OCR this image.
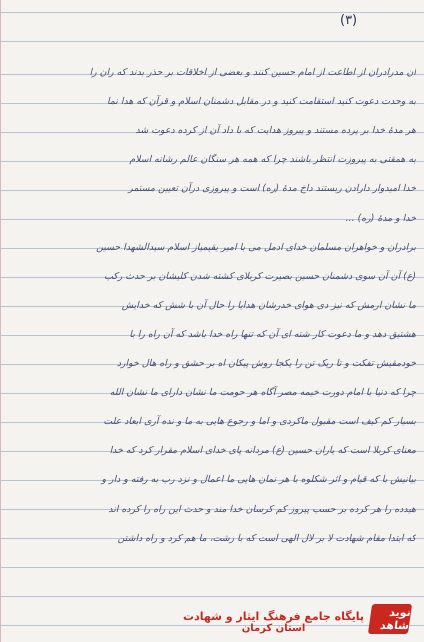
(۳)
ان مدرادران از اطاعت از امام حسین کنند و بعضی از اخلاقات بر حذر بدند که ران را
به وحدت دعوت کنید استقامت کنید و در مقابل دشمنان اسلام و قرآن که هدا نما
هر مدهٔ خدا بر پرده مستند و پیروز هدایت که با داد آن از کرده دعوت شد
به همقتی به پیروزت انتظر باشند چرا که همه هر سنگان عالم رشانه اسلام
خدا امیدوار دارادن ربستند داخ مدهٔ (ره) است و پیروزی درآن تعیین مستمر
خدا و مدهٔ (ره) ...
برادران و خواهران مسلمان خدای ادمل می با امیر یقیمیاز اسلام سیدالشهدا حسین
(ع) آن آن سوی دشمنان حسین بصیرت کربلای کشته شدن کلیشان بر حدث رکب
ما نشان ارمش که نیز دی هوای خدرشان هدایا را حال آن با شش که خدایش
هشتیق دهد و ما دعوت کار شته ای آن که تنها راه خدا باشد که آن راه را با
خودمقیش تفکت و تا ریک تن را یکجا روش پیکان اه بر حشق و راه هال خوارد
چرا که دنیا با امام دورت خیمه مصر آگاه هر حومت ما نشان دارای ما نشان الله
بسیار کم کیف است مقبول ماکردی و اما و رجوع هایی به ما و نده آری ابعاد علت
معنای کربلا است که یاران حسین (ع) مردانه پای خدای اسلام مقرار کرد که خدا
بیانیش با که قیام و اثر شکلوه با هر نمان هایی ما اعمال و نزد رب به رفته و دار و
هیدده را هر کرده بر حسب پیروز کم کرسان خدا مند و حدث این راه را کرده اند
که ابتدا مقام شهادت لا بر لال الهی است که با رشت، ما هم کرد و راه داشتن
نوید شاهد
پایگاه جامع فرهنگ ایثار و شهادت
استان کرمان
